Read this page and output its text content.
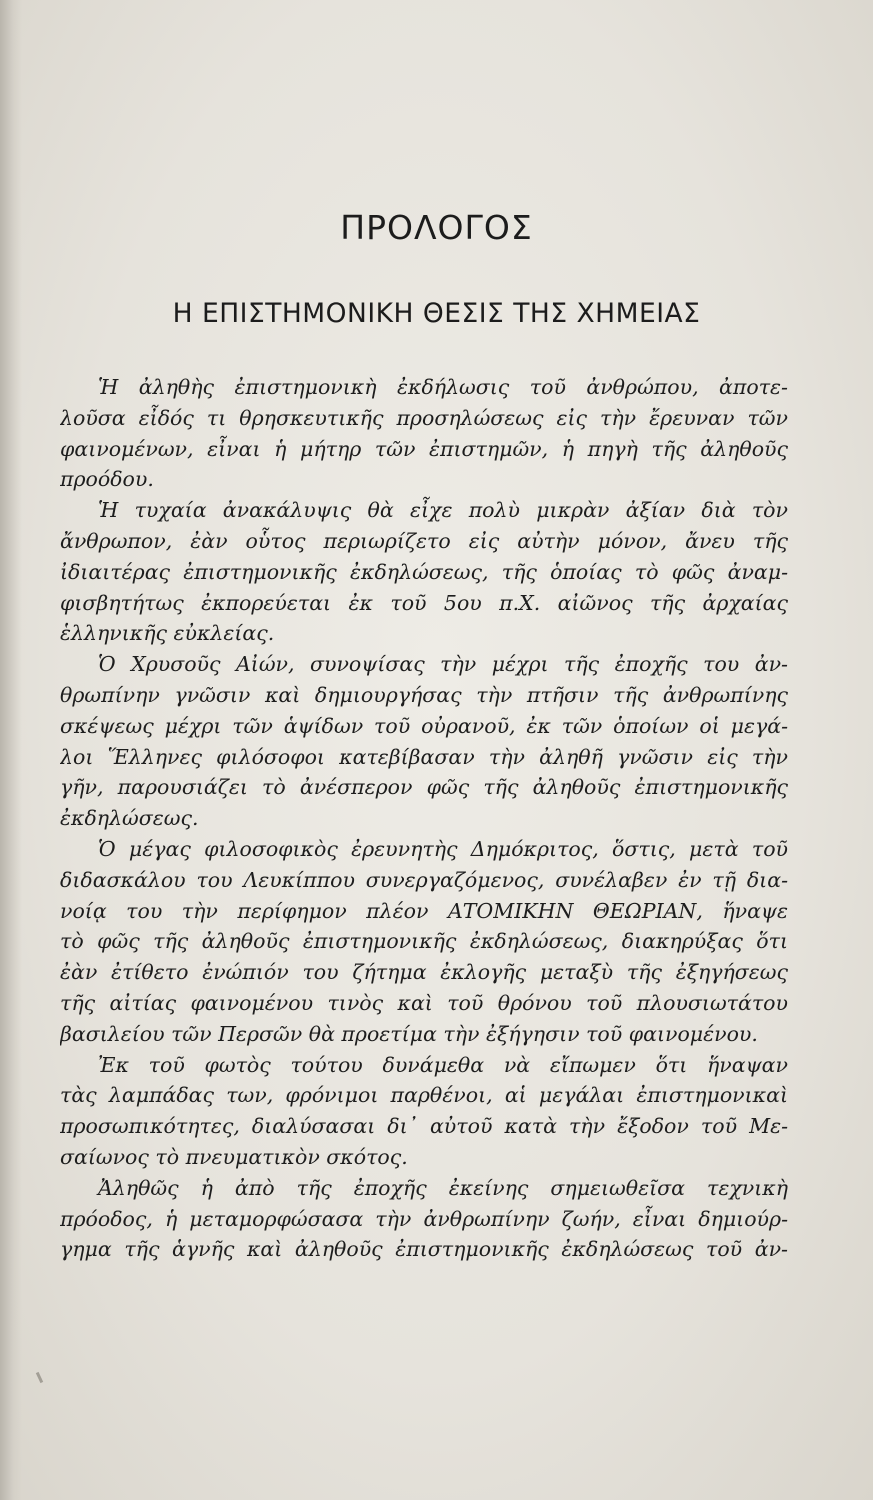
ΠΡΟΛΟΓΟΣ
Η ΕΠΙΣΤΗΜΟΝΙΚΗ ΘΕΣΙΣ ΤΗΣ ΧΗΜΕΙΑΣ

Ἡ ἀληθὴς ἐπιστημονικὴ ἐκδήλωσις τοῦ ἀνθρώπου, ἀποτε-
λοῦσα εἶδός τι θρησκευτικῆς προσηλώσεως εἰς τὴν ἔρευναν τῶν
φαινομένων, εἶναι ἡ μήτηρ τῶν ἐπιστημῶν, ἡ πηγὴ τῆς ἀληθοῦς
προόδου.

Ἡ τυχαία ἀνακάλυψις θὰ εἶχε πολὺ μικρὰν ἀξίαν διὰ τὸν
ἄνθρωπον, ἐὰν οὗτος περιωρίζετο εἰς αὐτὴν μόνον, ἄνευ τῆς
ἰδιαιτέρας ἐπιστημονικῆς ἐκδηλώσεως, τῆς ὁποίας τὸ φῶς ἀναμ-
φισβητήτως ἐκπορεύεται ἐκ τοῦ 5ου π.Χ. αἰῶνος τῆς ἀρχαίας
ἑλληνικῆς εὐκλείας.

Ὁ Χρυσοῦς Αἰών, συνοψίσας τὴν μέχρι τῆς ἐποχῆς του ἀν-
θρωπίνην γνῶσιν καὶ δημιουργήσας τὴν πτῆσιν τῆς ἀνθρωπίνης
σκέψεως μέχρι τῶν ἁψίδων τοῦ οὐρανοῦ, ἐκ τῶν ὁποίων οἱ μεγά-
λοι Ἕλληνες φιλόσοφοι κατεβίβασαν τὴν ἀληθῆ γνῶσιν εἰς τὴν
γῆν, παρουσιάζει τὸ ἀνέσπερον φῶς τῆς ἀληθοῦς ἐπιστημονικῆς
ἐκδηλώσεως.

Ὁ μέγας φιλοσοφικὸς ἐρευνητὴς Δημόκριτος, ὅστις, μετὰ τοῦ
διδασκάλου του Λευκίππου συνεργαζόμενος, συνέλαβεν ἐν τῇ δια-
νοίᾳ του τὴν περίφημον πλέον ΑΤΟΜΙΚΗΝ ΘΕΩΡΙΑΝ, ἥναψε
τὸ φῶς τῆς ἀληθοῦς ἐπιστημονικῆς ἐκδηλώσεως, διακηρύξας ὅτι
ἐὰν ἐτίθετο ἐνώπιόν του ζήτημα ἐκλογῆς μεταξὺ τῆς ἐξηγήσεως
τῆς αἰτίας φαινομένου τινὸς καὶ τοῦ θρόνου τοῦ πλουσιωτάτου
βασιλείου τῶν Περσῶν θὰ προετίμα τὴν ἐξήγησιν τοῦ φαινομένου.

Ἐκ τοῦ φωτὸς τούτου δυνάμεθα νὰ εἴπωμεν ὅτι ἥναψαν
τὰς λαμπάδας των, φρόνιμοι παρθένοι, αἱ μεγάλαι ἐπιστημονικαὶ
προσωπικότητες, διαλύσασαι δι᾽ αὐτοῦ κατὰ τὴν ἔξοδον τοῦ Με-
σαίωνος τὸ πνευματικὸν σκότος.

Ἀληθῶς ἡ ἀπὸ τῆς ἐποχῆς ἐκείνης σημειωθεῖσα τεχνικὴ
πρόοδος, ἡ μεταμορφώσασα τὴν ἀνθρωπίνην ζωήν, εἶναι δημιούρ-
γημα τῆς ἁγνῆς καὶ ἀληθοῦς ἐπιστημονικῆς ἐκδηλώσεως τοῦ ἀν-
